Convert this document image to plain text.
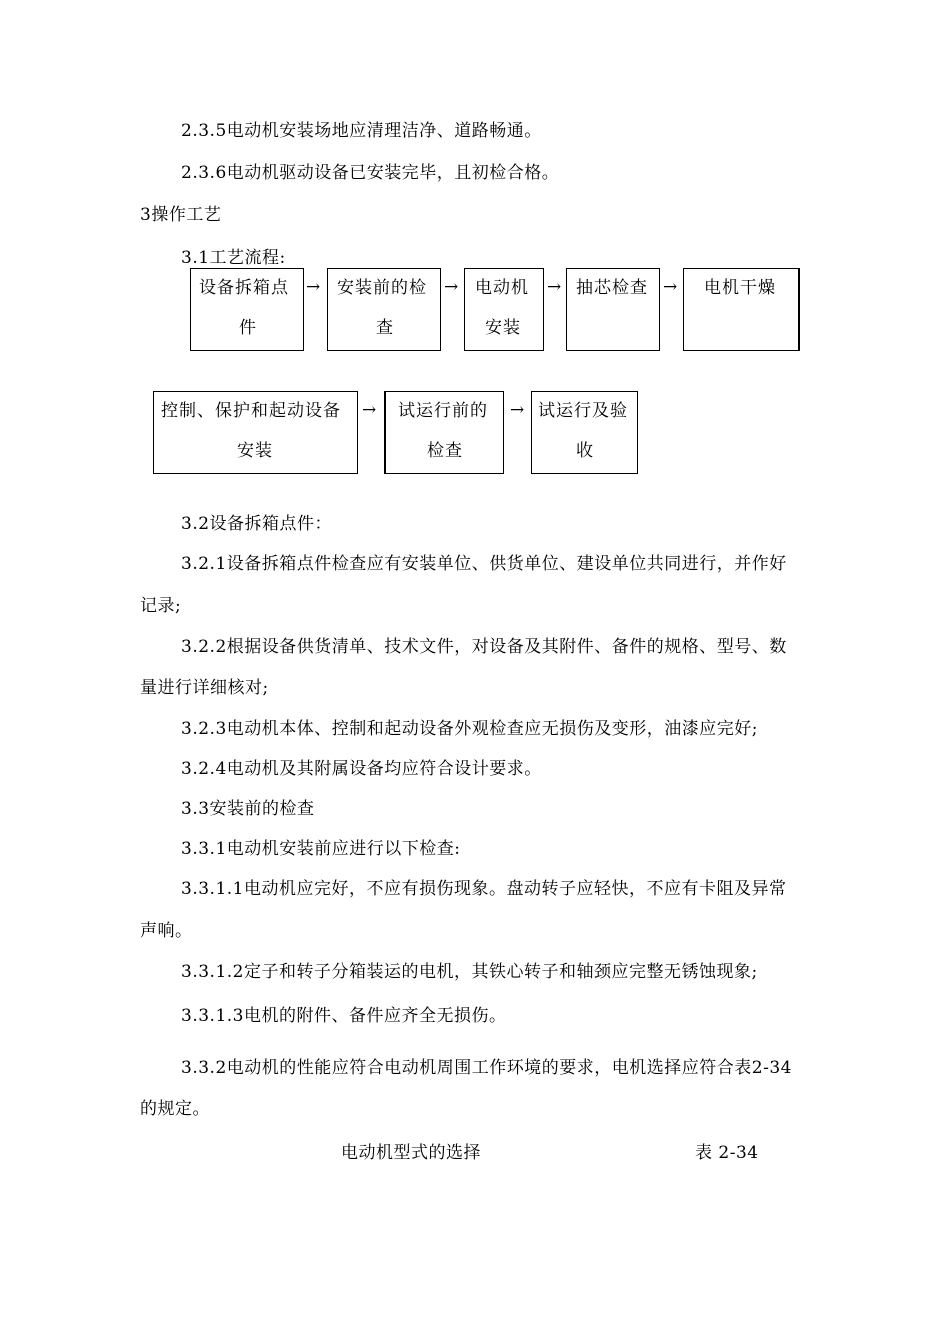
2.3.5电动机安装场地应清理洁净、道路畅通。
2.3.6电动机驱动设备已安装完毕，且初检合格。
3操作工艺
3.1工艺流程:
设备拆箱点
件
→ 安装前的检
查
→ 电动机
安装
→ 抽芯检查 → 电机干燥
控制、保护和起动设备
安装
→ 试运行前的
检查
→ 试运行及验
收
3.2设备拆箱点件：
3.2.1设备拆箱点件检查应有安装单位、供货单位、建设单位共同进行，并作好
记录;
3.2.2根据设备供货清单、技术文件，对设备及其附件、备件的规格、型号、数
量进行详细核对;
3.2.3电动机本体、控制和起动设备外观检查应无损伤及变形，油漆应完好;
3.2.4电动机及其附属设备均应符合设计要求。
3.3安装前的检查
3.3.1电动机安装前应进行以下检查:
3.3.1.1电动机应完好，不应有损伤现象。盘动转子应轻快，不应有卡阻及异常
声响。
3.3.1.2定子和转子分箱装运的电机，其铁心转子和轴颈应完整无锈蚀现象;
3.3.1.3电机的附件、备件应齐全无损伤。
3.3.2电动机的性能应符合电动机周围工作环境的要求，电机选择应符合表2-34
的规定。
电动机型式的选择	表 2-34
